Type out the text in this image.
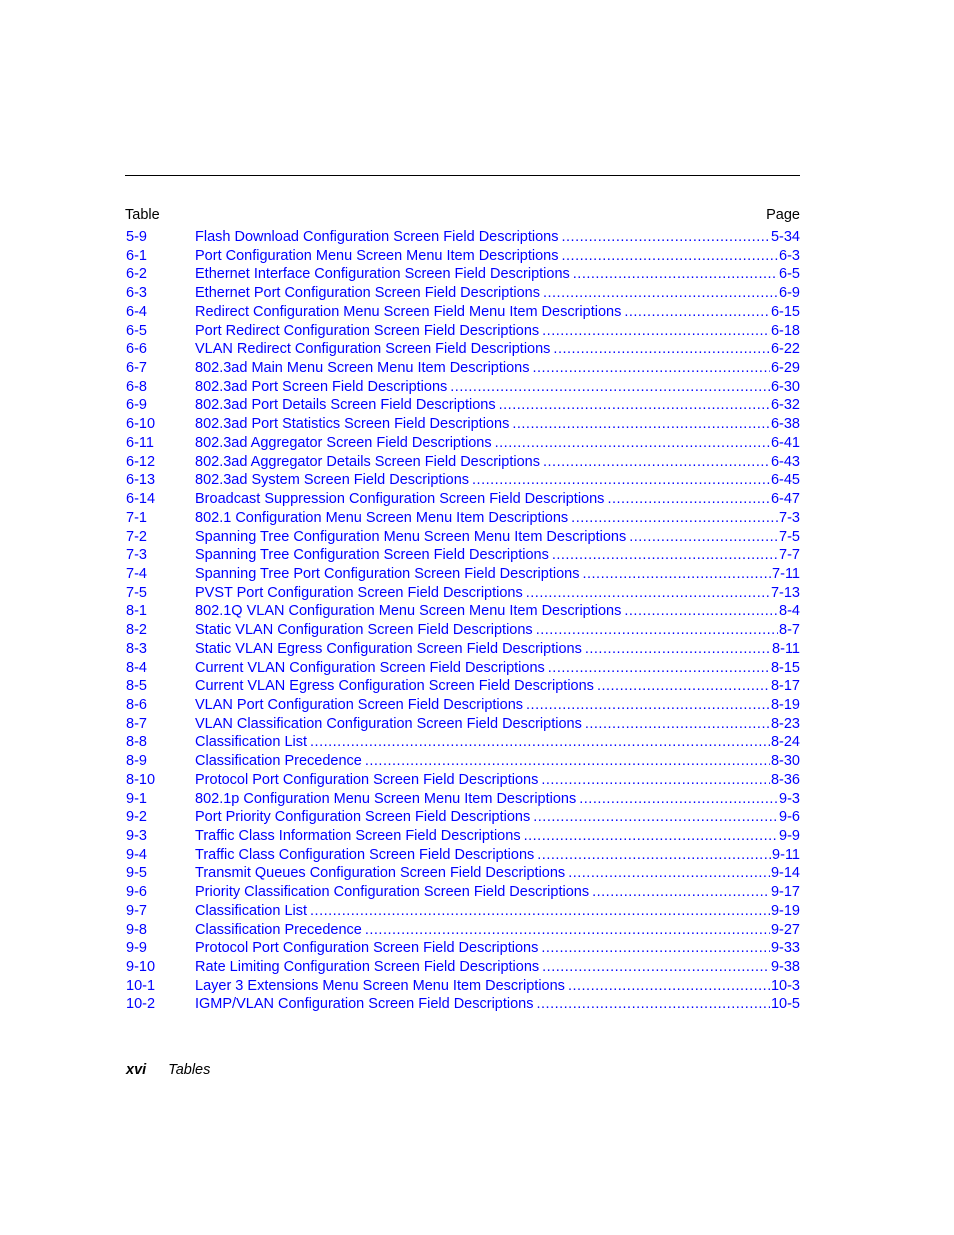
Table	Page
5-9	Flash Download Configuration Screen Field Descriptions .....	5-34
6-1	Port Configuration Menu Screen Menu Item Descriptions .....	6-3
6-2	Ethernet Interface Configuration Screen Field Descriptions .....	6-5
6-3	Ethernet Port Configuration Screen Field Descriptions .....	6-9
6-4	Redirect Configuration Menu Screen Field Menu Item Descriptions .....	6-15
6-5	Port Redirect Configuration Screen Field Descriptions .....	6-18
6-6	VLAN Redirect Configuration Screen Field Descriptions .....	6-22
6-7	802.3ad Main Menu Screen Menu Item Descriptions .....	6-29
6-8	802.3ad Port Screen Field Descriptions .....	6-30
6-9	802.3ad Port Details Screen Field Descriptions .....	6-32
6-10	802.3ad Port Statistics Screen Field Descriptions .....	6-38
6-11	802.3ad Aggregator Screen Field Descriptions .....	6-41
6-12	802.3ad Aggregator Details Screen Field Descriptions .....	6-43
6-13	802.3ad System Screen Field Descriptions .....	6-45
6-14	Broadcast Suppression Configuration Screen Field Descriptions .....	6-47
7-1	802.1 Configuration Menu Screen Menu Item Descriptions .....	7-3
7-2	Spanning Tree Configuration Menu Screen Menu Item Descriptions .....	7-5
7-3	Spanning Tree Configuration Screen Field Descriptions .....	7-7
7-4	Spanning Tree Port Configuration Screen Field Descriptions .....	7-11
7-5	PVST Port Configuration Screen Field Descriptions .....	7-13
8-1	802.1Q VLAN Configuration Menu Screen Menu Item Descriptions .....	8-4
8-2	Static VLAN Configuration Screen Field Descriptions .....	8-7
8-3	Static VLAN Egress Configuration Screen Field Descriptions .....	8-11
8-4	Current VLAN Configuration Screen Field Descriptions .....	8-15
8-5	Current VLAN Egress Configuration Screen Field Descriptions .....	8-17
8-6	VLAN Port Configuration Screen Field Descriptions .....	8-19
8-7	VLAN Classification Configuration Screen Field Descriptions .....	8-23
8-8	Classification List .....	8-24
8-9	Classification Precedence .....	8-30
8-10	Protocol Port Configuration Screen Field Descriptions .....	8-36
9-1	802.1p Configuration Menu Screen Menu Item Descriptions .....	9-3
9-2	Port Priority Configuration Screen Field Descriptions .....	9-6
9-3	Traffic Class Information Screen Field Descriptions .....	9-9
9-4	Traffic Class Configuration Screen Field Descriptions .....	9-11
9-5	Transmit Queues Configuration Screen Field Descriptions .....	9-14
9-6	Priority Classification Configuration Screen Field Descriptions .....	9-17
9-7	Classification List .....	9-19
9-8	Classification Precedence .....	9-27
9-9	Protocol Port Configuration Screen Field Descriptions .....	9-33
9-10	Rate Limiting Configuration Screen Field Descriptions .....	9-38
10-1	Layer 3 Extensions Menu Screen Menu Item Descriptions .....	10-3
10-2	IGMP/VLAN Configuration Screen Field Descriptions .....	10-5
xvi Tables
